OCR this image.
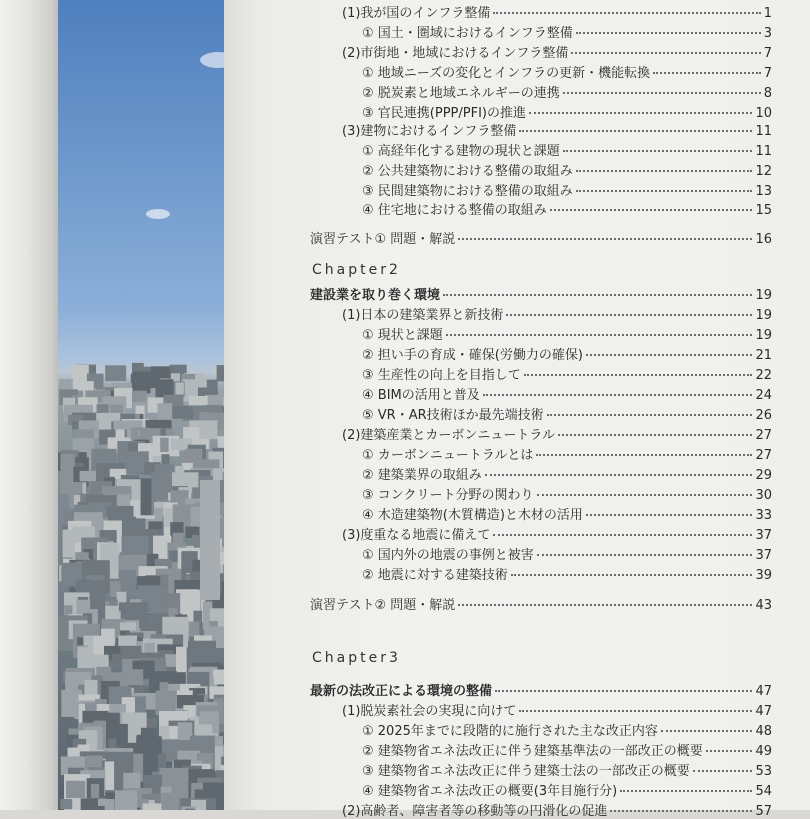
(1)我が国のインフラ整備	1
① 国土・圏域におけるインフラ整備	3
(2)市街地・地域におけるインフラ整備	7
① 地域ニーズの変化とインフラの更新・機能転換	7
② 脱炭素と地域エネルギーの連携	8
③ 官民連携(PPP/PFI)の推進	10
(3)建物におけるインフラ整備	11
① 高経年化する建物の現状と課題	11
② 公共建築物における整備の取組み	12
③ 民間建築物における整備の取組み	13
④ 住宅地における整備の取組み	15
演習テスト① 問題・解説	16
建設業を取り巻く環境	19
(1)日本の建築業界と新技術	19
① 現状と課題	19
② 担い手の育成・確保(労働力の確保)	21
③ 生産性の向上を目指して	22
④ BIMの活用と普及	24
⑤ VR・AR技術ほか最先端技術	26
(2)建築産業とカーボンニュートラル	27
① カーボンニュートラルとは	27
② 建築業界の取組み	29
③ コンクリート分野の関わり	30
④ 木造建築物(木質構造)と木材の活用	33
(3)度重なる地震に備えて	37
① 国内外の地震の事例と被害	37
② 地震に対する建築技術	39
演習テスト② 問題・解説	43
最新の法改正による環境の整備	47
(1)脱炭素社会の実現に向けて	47
① 2025年までに段階的に施行された主な改正内容	48
② 建築物省エネ法改正に伴う建築基準法の一部改正の概要	49
③ 建築物省エネ法改正に伴う建築士法の一部改正の概要	53
④ 建築物省エネ法改正の概要(3年目施行分)	54
(2)高齢者、障害者等の移動等の円滑化の促進	57
Chapter2
Chapter3
